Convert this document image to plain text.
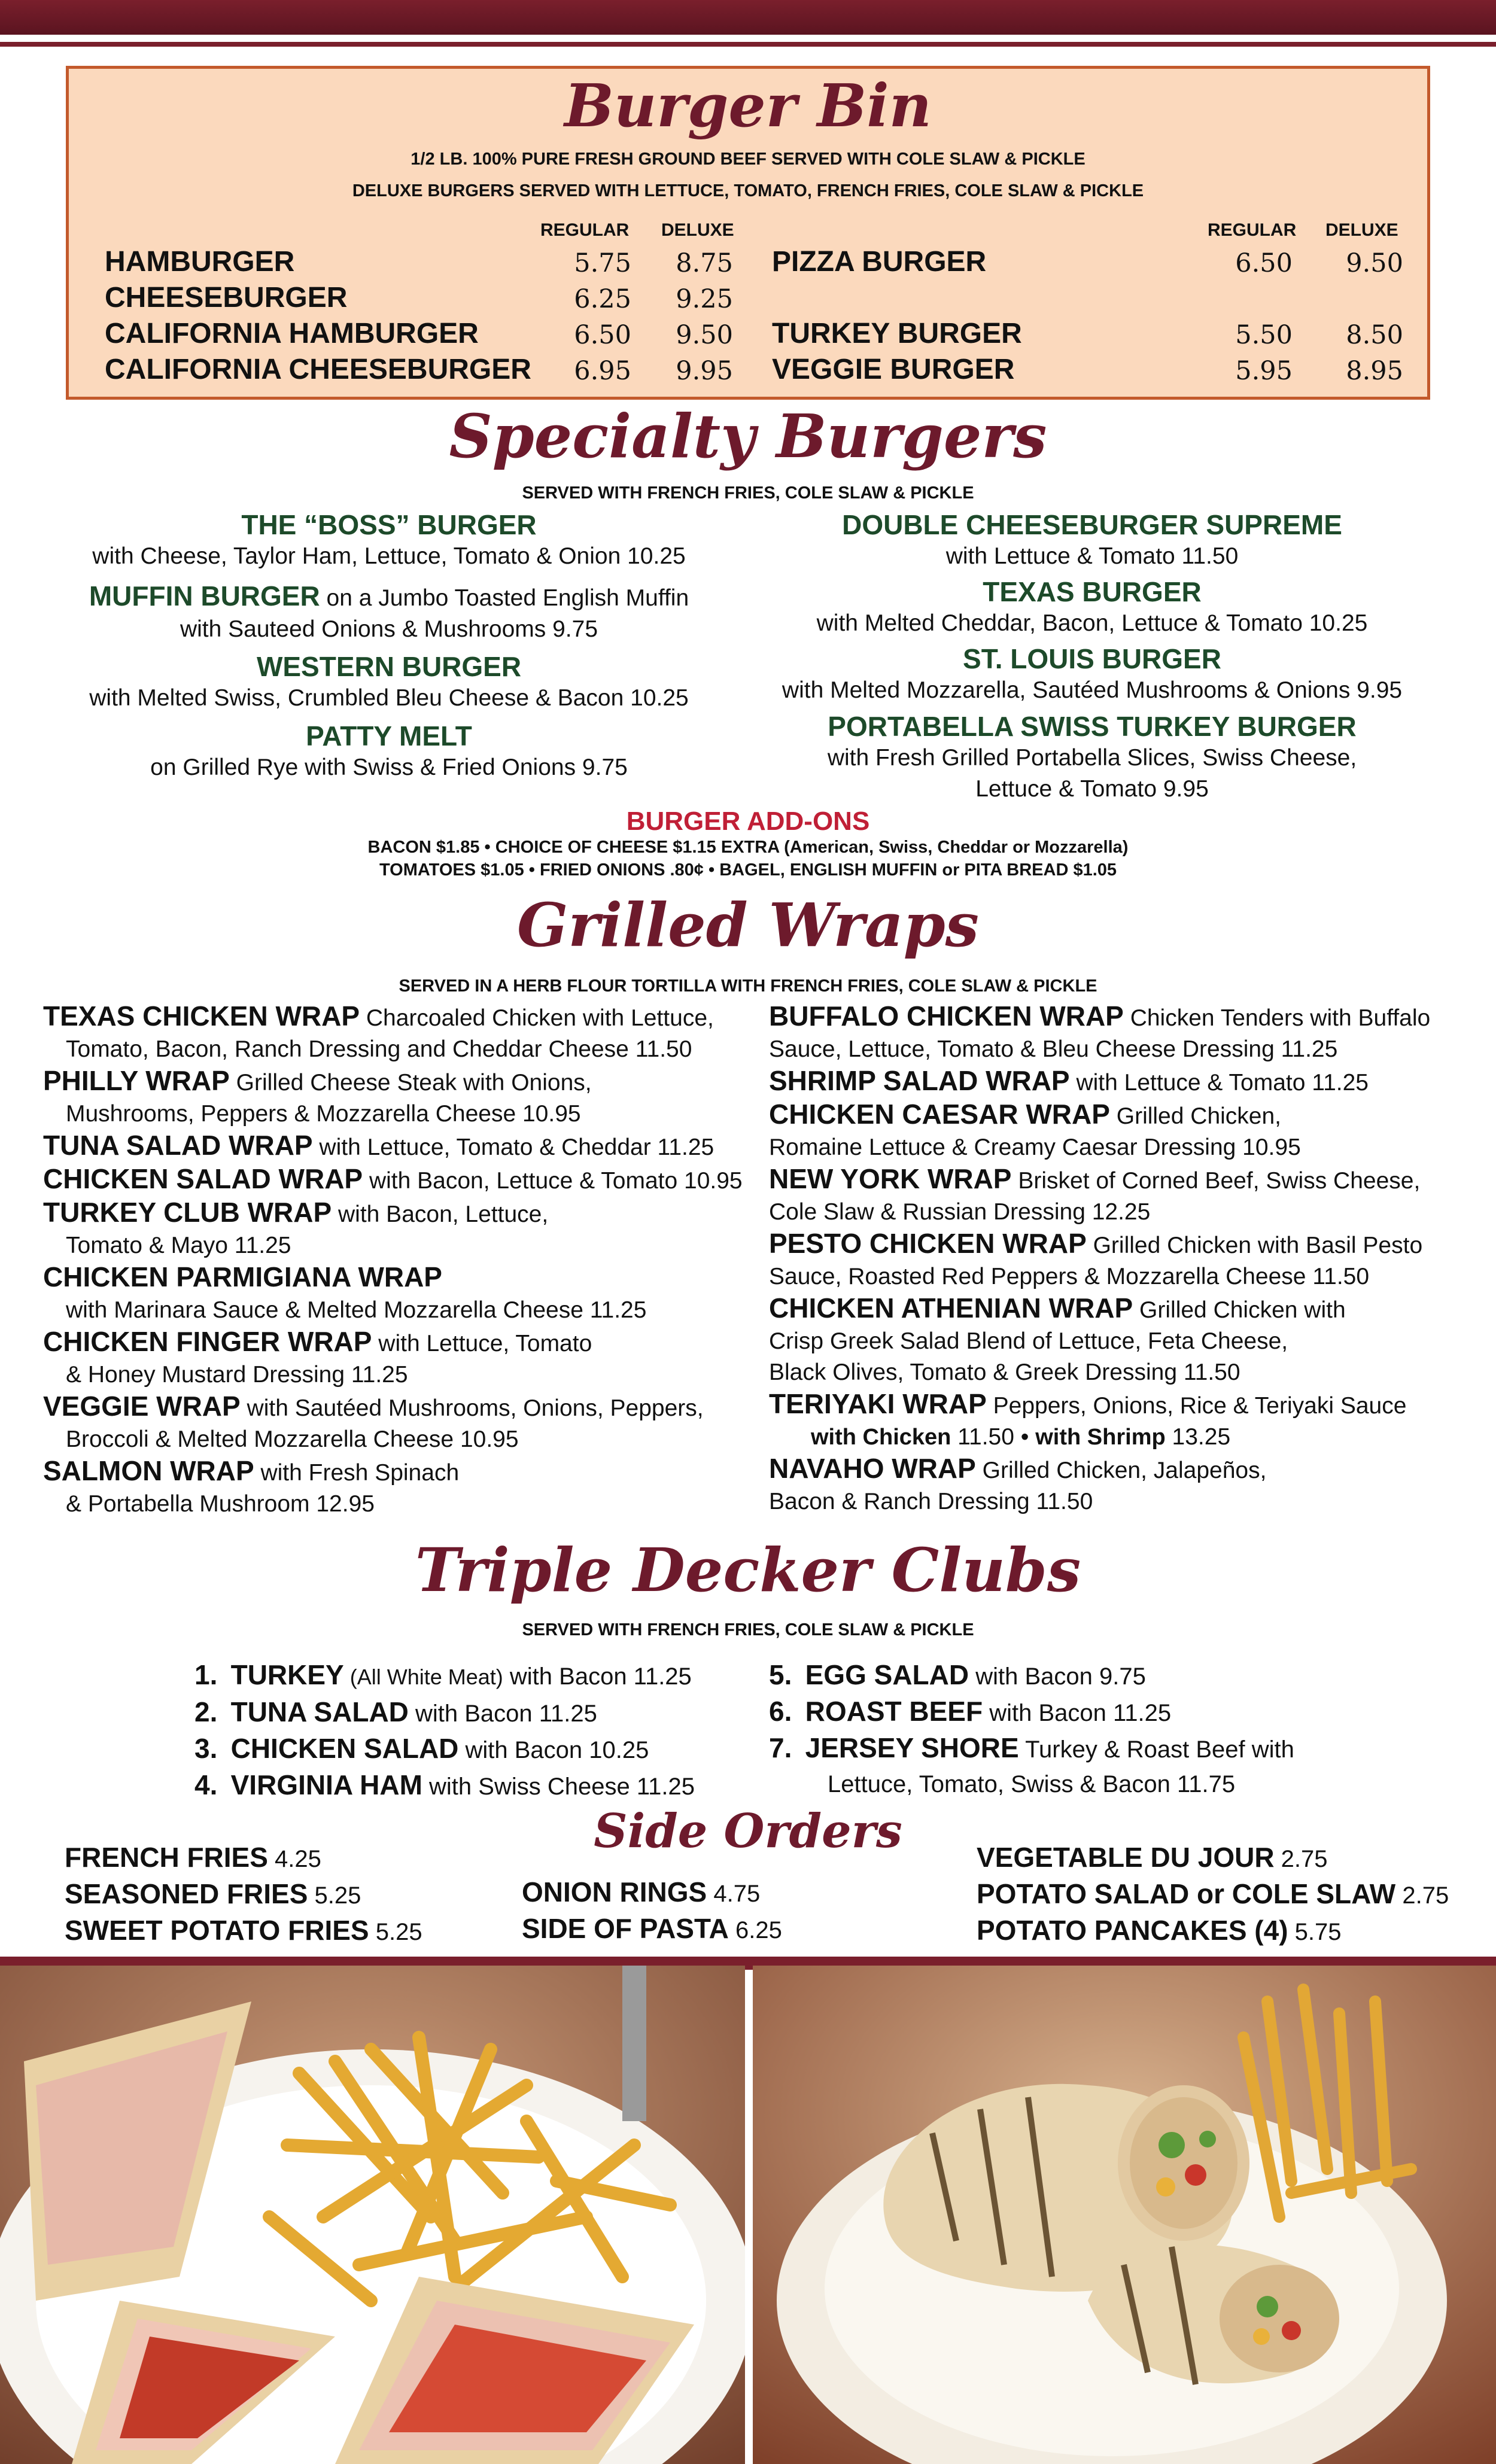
Burger Bin
1/2 LB. 100% PURE FRESH GROUND BEEF SERVED WITH COLE SLAW & PICKLE
DELUXE BURGERS SERVED WITH LETTUCE, TOMATO, FRENCH FRIES, COLE SLAW & PICKLE
REGULAR DELUXE	REGULAR DELUXE
HAMBURGER	5.75	8.75
CHEESEBURGER	6.25	9.25
CALIFORNIA HAMBURGER	6.50	9.50
CALIFORNIA CHEESEBURGER	6.95	9.95
PIZZA BURGER	6.50	9.50
TURKEY BURGER	5.50	8.50
VEGGIE BURGER	5.95	8.95
Specialty Burgers
SERVED WITH FRENCH FRIES, COLE SLAW & PICKLE
THE “BOSS” BURGER
with Cheese, Taylor Ham, Lettuce, Tomato & Onion 10.25
MUFFIN BURGER on a Jumbo Toasted English Muffin
with Sauteed Onions & Mushrooms 9.75
WESTERN BURGER
with Melted Swiss, Crumbled Bleu Cheese & Bacon 10.25
PATTY MELT
on Grilled Rye with Swiss & Fried Onions 9.75
DOUBLE CHEESEBURGER SUPREME
with Lettuce & Tomato 11.50
TEXAS BURGER
with Melted Cheddar, Bacon, Lettuce & Tomato 10.25
ST. LOUIS BURGER
with Melted Mozzarella, Sautéed Mushrooms & Onions 9.95
PORTABELLA SWISS TURKEY BURGER
with Fresh Grilled Portabella Slices, Swiss Cheese,
Lettuce & Tomato 9.95
BURGER ADD-ONS
BACON $1.85 • CHOICE OF CHEESE $1.15 EXTRA (American, Swiss, Cheddar or Mozzarella)
TOMATOES $1.05 • FRIED ONIONS .80¢ • BAGEL, ENGLISH MUFFIN or PITA BREAD $1.05
Grilled Wraps
SERVED IN A HERB FLOUR TORTILLA WITH FRENCH FRIES, COLE SLAW & PICKLE
TEXAS CHICKEN WRAP Charcoaled Chicken with Lettuce,
Tomato, Bacon, Ranch Dressing and Cheddar Cheese 11.50
PHILLY WRAP Grilled Cheese Steak with Onions,
Mushrooms, Peppers & Mozzarella Cheese 10.95
TUNA SALAD WRAP with Lettuce, Tomato & Cheddar 11.25
CHICKEN SALAD WRAP with Bacon, Lettuce & Tomato 10.95
TURKEY CLUB WRAP with Bacon, Lettuce,
Tomato & Mayo 11.25
CHICKEN PARMIGIANA WRAP
with Marinara Sauce & Melted Mozzarella Cheese 11.25
CHICKEN FINGER WRAP with Lettuce, Tomato
& Honey Mustard Dressing 11.25
VEGGIE WRAP with Sautéed Mushrooms, Onions, Peppers,
Broccoli & Melted Mozzarella Cheese 10.95
SALMON WRAP with Fresh Spinach
& Portabella Mushroom 12.95
BUFFALO CHICKEN WRAP Chicken Tenders with Buffalo
Sauce, Lettuce, Tomato & Bleu Cheese Dressing 11.25
SHRIMP SALAD WRAP with Lettuce & Tomato 11.25
CHICKEN CAESAR WRAP Grilled Chicken,
Romaine Lettuce & Creamy Caesar Dressing 10.95
NEW YORK WRAP Brisket of Corned Beef, Swiss Cheese,
Cole Slaw & Russian Dressing 12.25
PESTO CHICKEN WRAP Grilled Chicken with Basil Pesto
Sauce, Roasted Red Peppers & Mozzarella Cheese 11.50
CHICKEN ATHENIAN WRAP Grilled Chicken with
Crisp Greek Salad Blend of Lettuce, Feta Cheese,
Black Olives, Tomato & Greek Dressing 11.50
TERIYAKI WRAP Peppers, Onions, Rice & Teriyaki Sauce
with Chicken 11.50 • with Shrimp 13.25
NAVAHO WRAP Grilled Chicken, Jalapeños,
Bacon & Ranch Dressing 11.50
Triple Decker Clubs
SERVED WITH FRENCH FRIES, COLE SLAW & PICKLE
1. TURKEY (All White Meat) with Bacon 11.25
2. TUNA SALAD with Bacon 11.25
3. CHICKEN SALAD with Bacon 10.25
4. VIRGINIA HAM with Swiss Cheese 11.25
5. EGG SALAD with Bacon 9.75
6. ROAST BEEF with Bacon 11.25
7. JERSEY SHORE Turkey & Roast Beef with
Lettuce, Tomato, Swiss & Bacon 11.75
Side Orders
FRENCH FRIES 4.25
SEASONED FRIES 5.25
SWEET POTATO FRIES 5.25
ONION RINGS 4.75
SIDE OF PASTA 6.25
VEGETABLE DU JOUR 2.75
POTATO SALAD or COLE SLAW 2.75
POTATO PANCAKES (4) 5.75
